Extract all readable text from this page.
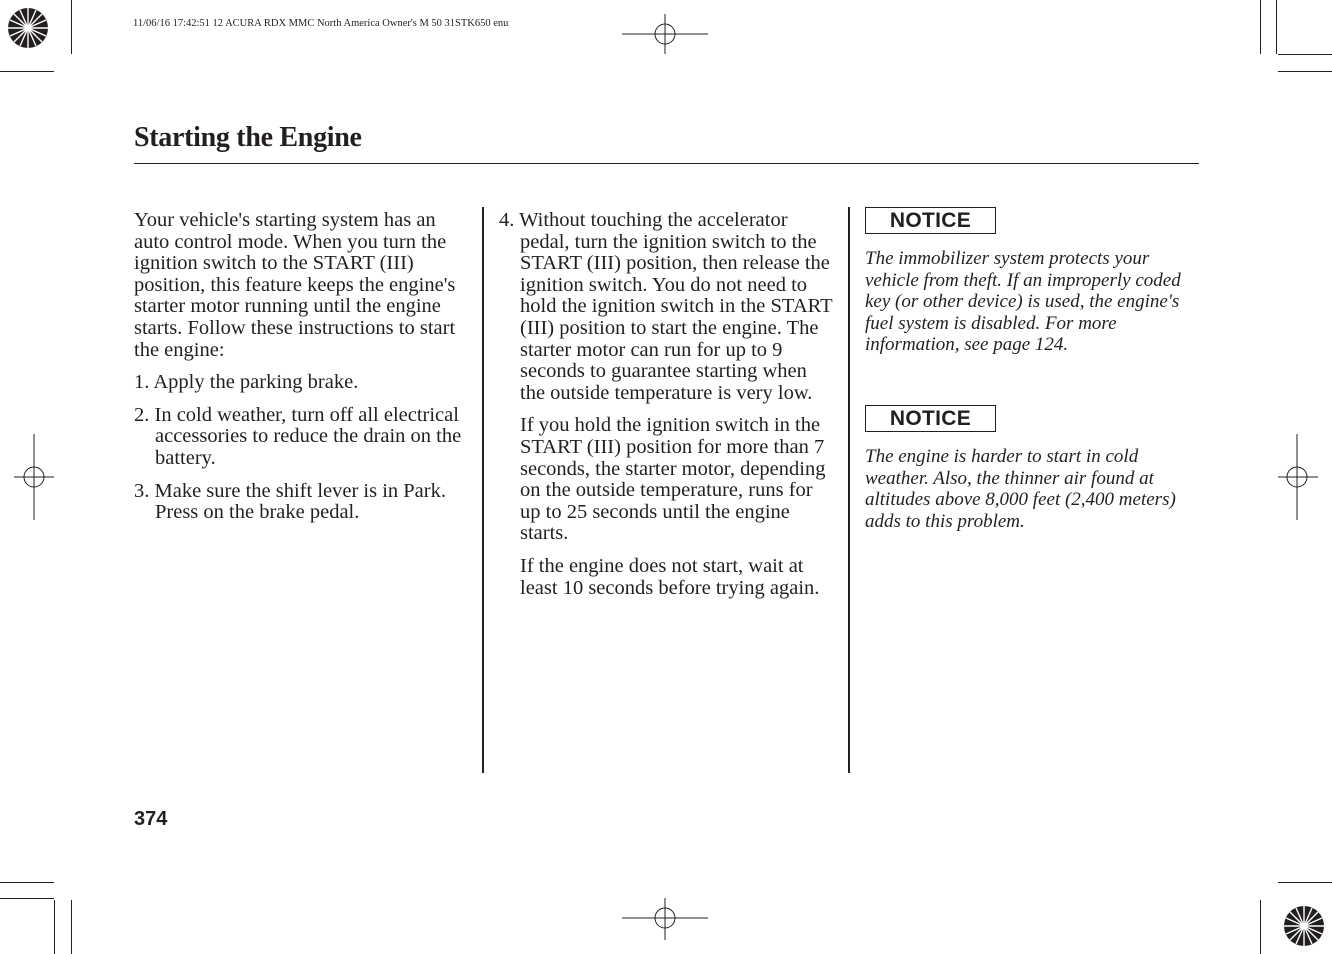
11/06/16 17:42:51 12 ACURA RDX MMC North America Owner's M 50 31STK650 enu
Starting the Engine

Your vehicle's starting system has an auto control mode. When you turn the ignition switch to the START (III) position, this feature keeps the engine's starter motor running until the engine starts. Follow these instructions to start the engine:

1. Apply the parking brake.

2. In cold weather, turn off all electrical accessories to reduce the drain on the battery.

3. Make sure the shift lever is in Park. Press on the brake pedal.

4. Without touching the accelerator pedal, turn the ignition switch to the START (III) position, then release the ignition switch. You do not need to hold the ignition switch in the START (III) position to start the engine. The starter motor can run for up to 9 seconds to guarantee starting when the outside temperature is very low.

If you hold the ignition switch in the START (III) position for more than 7 seconds, the starter motor, depending on the outside temperature, runs for up to 25 seconds until the engine starts.

If the engine does not start, wait at least 10 seconds before trying again.

NOTICE
The immobilizer system protects your vehicle from theft. If an improperly coded key (or other device) is used, the engine's fuel system is disabled. For more information, see page 124.
NOTICE
The engine is harder to start in cold weather. Also, the thinner air found at altitudes above 8,000 feet (2,400 meters) adds to this problem.
374
